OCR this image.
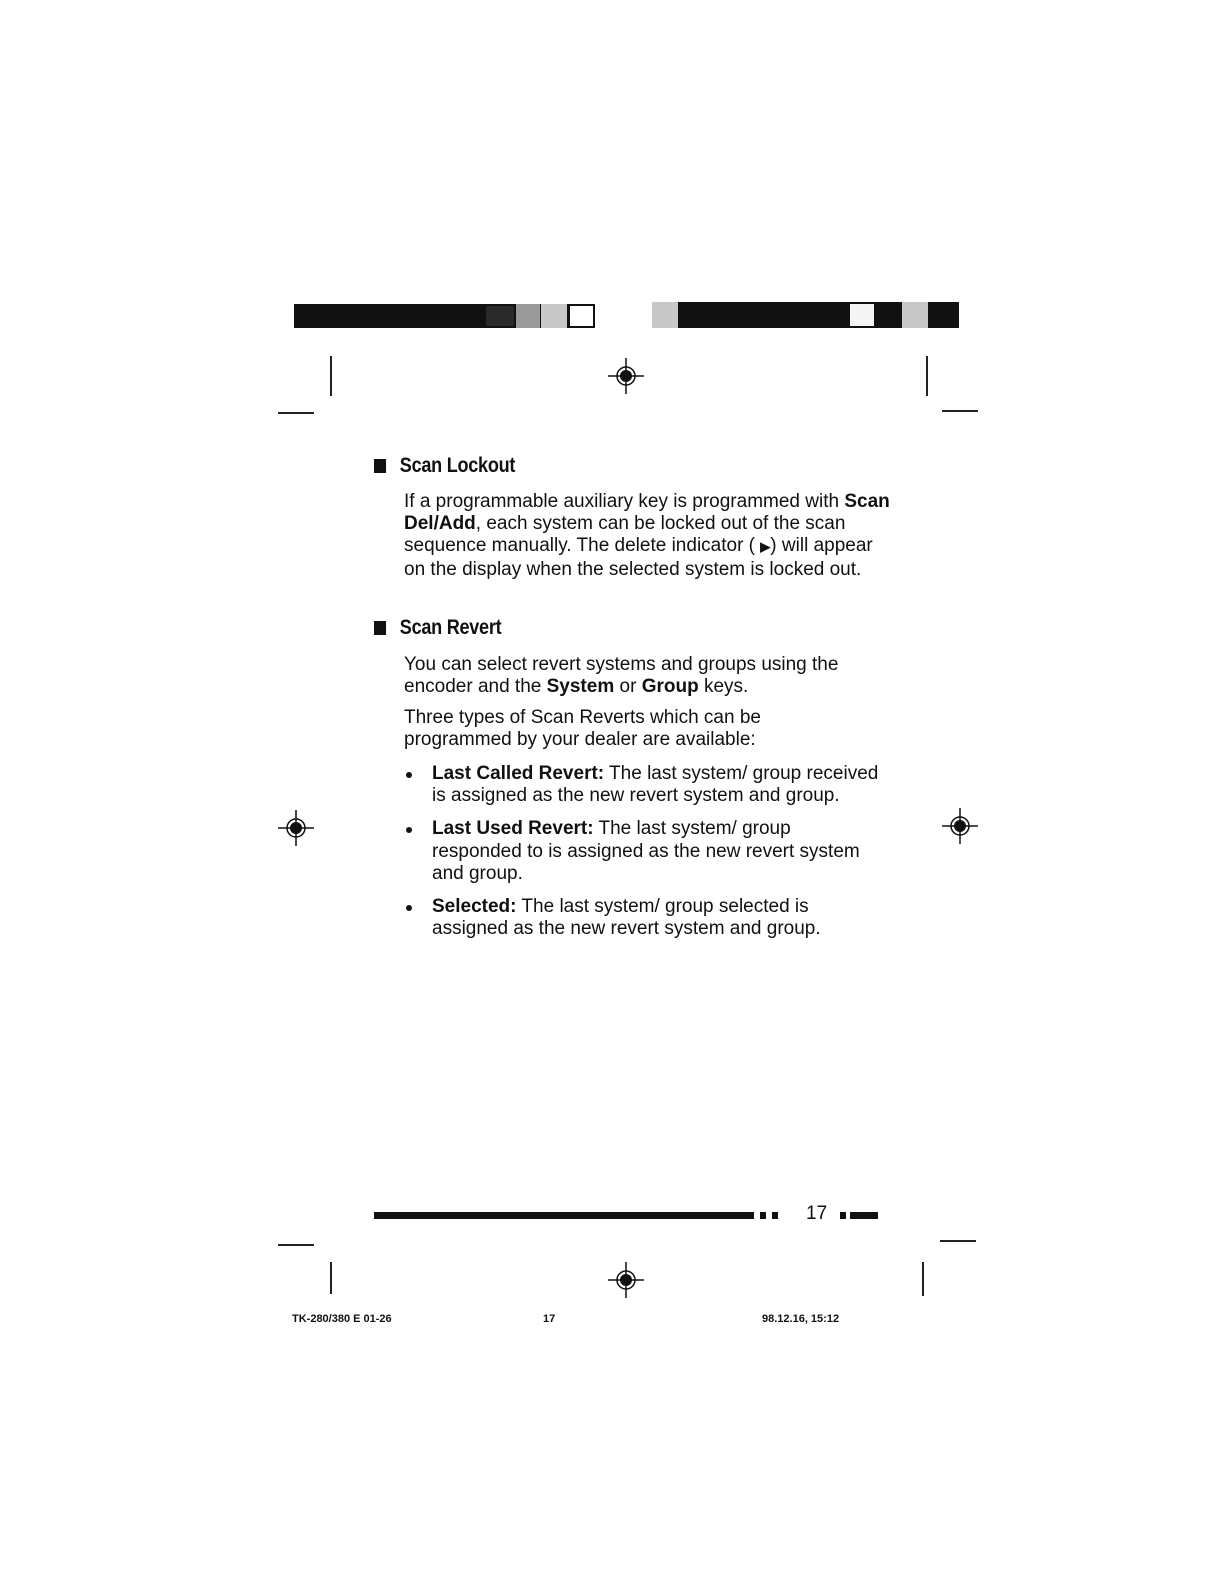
Scan Lockout

If a programmable auxiliary key is programmed with Scan Del/Add, each system can be locked out of the scan sequence manually. The delete indicator ( ▶) will appear on the display when the selected system is locked out.

Scan Revert

You can select revert systems and groups using the encoder and the System or Group keys.

Three types of Scan Reverts which can be programmed by your dealer are available:

Last Called Revert: The last system/ group received is assigned as the new revert system and group.
Last Used Revert: The last system/ group responded to is assigned as the new revert system and group.
Selected: The last system/ group selected is assigned as the new revert system and group.
17
TK-280/380 E 01-26	17	98.12.16, 15:12
